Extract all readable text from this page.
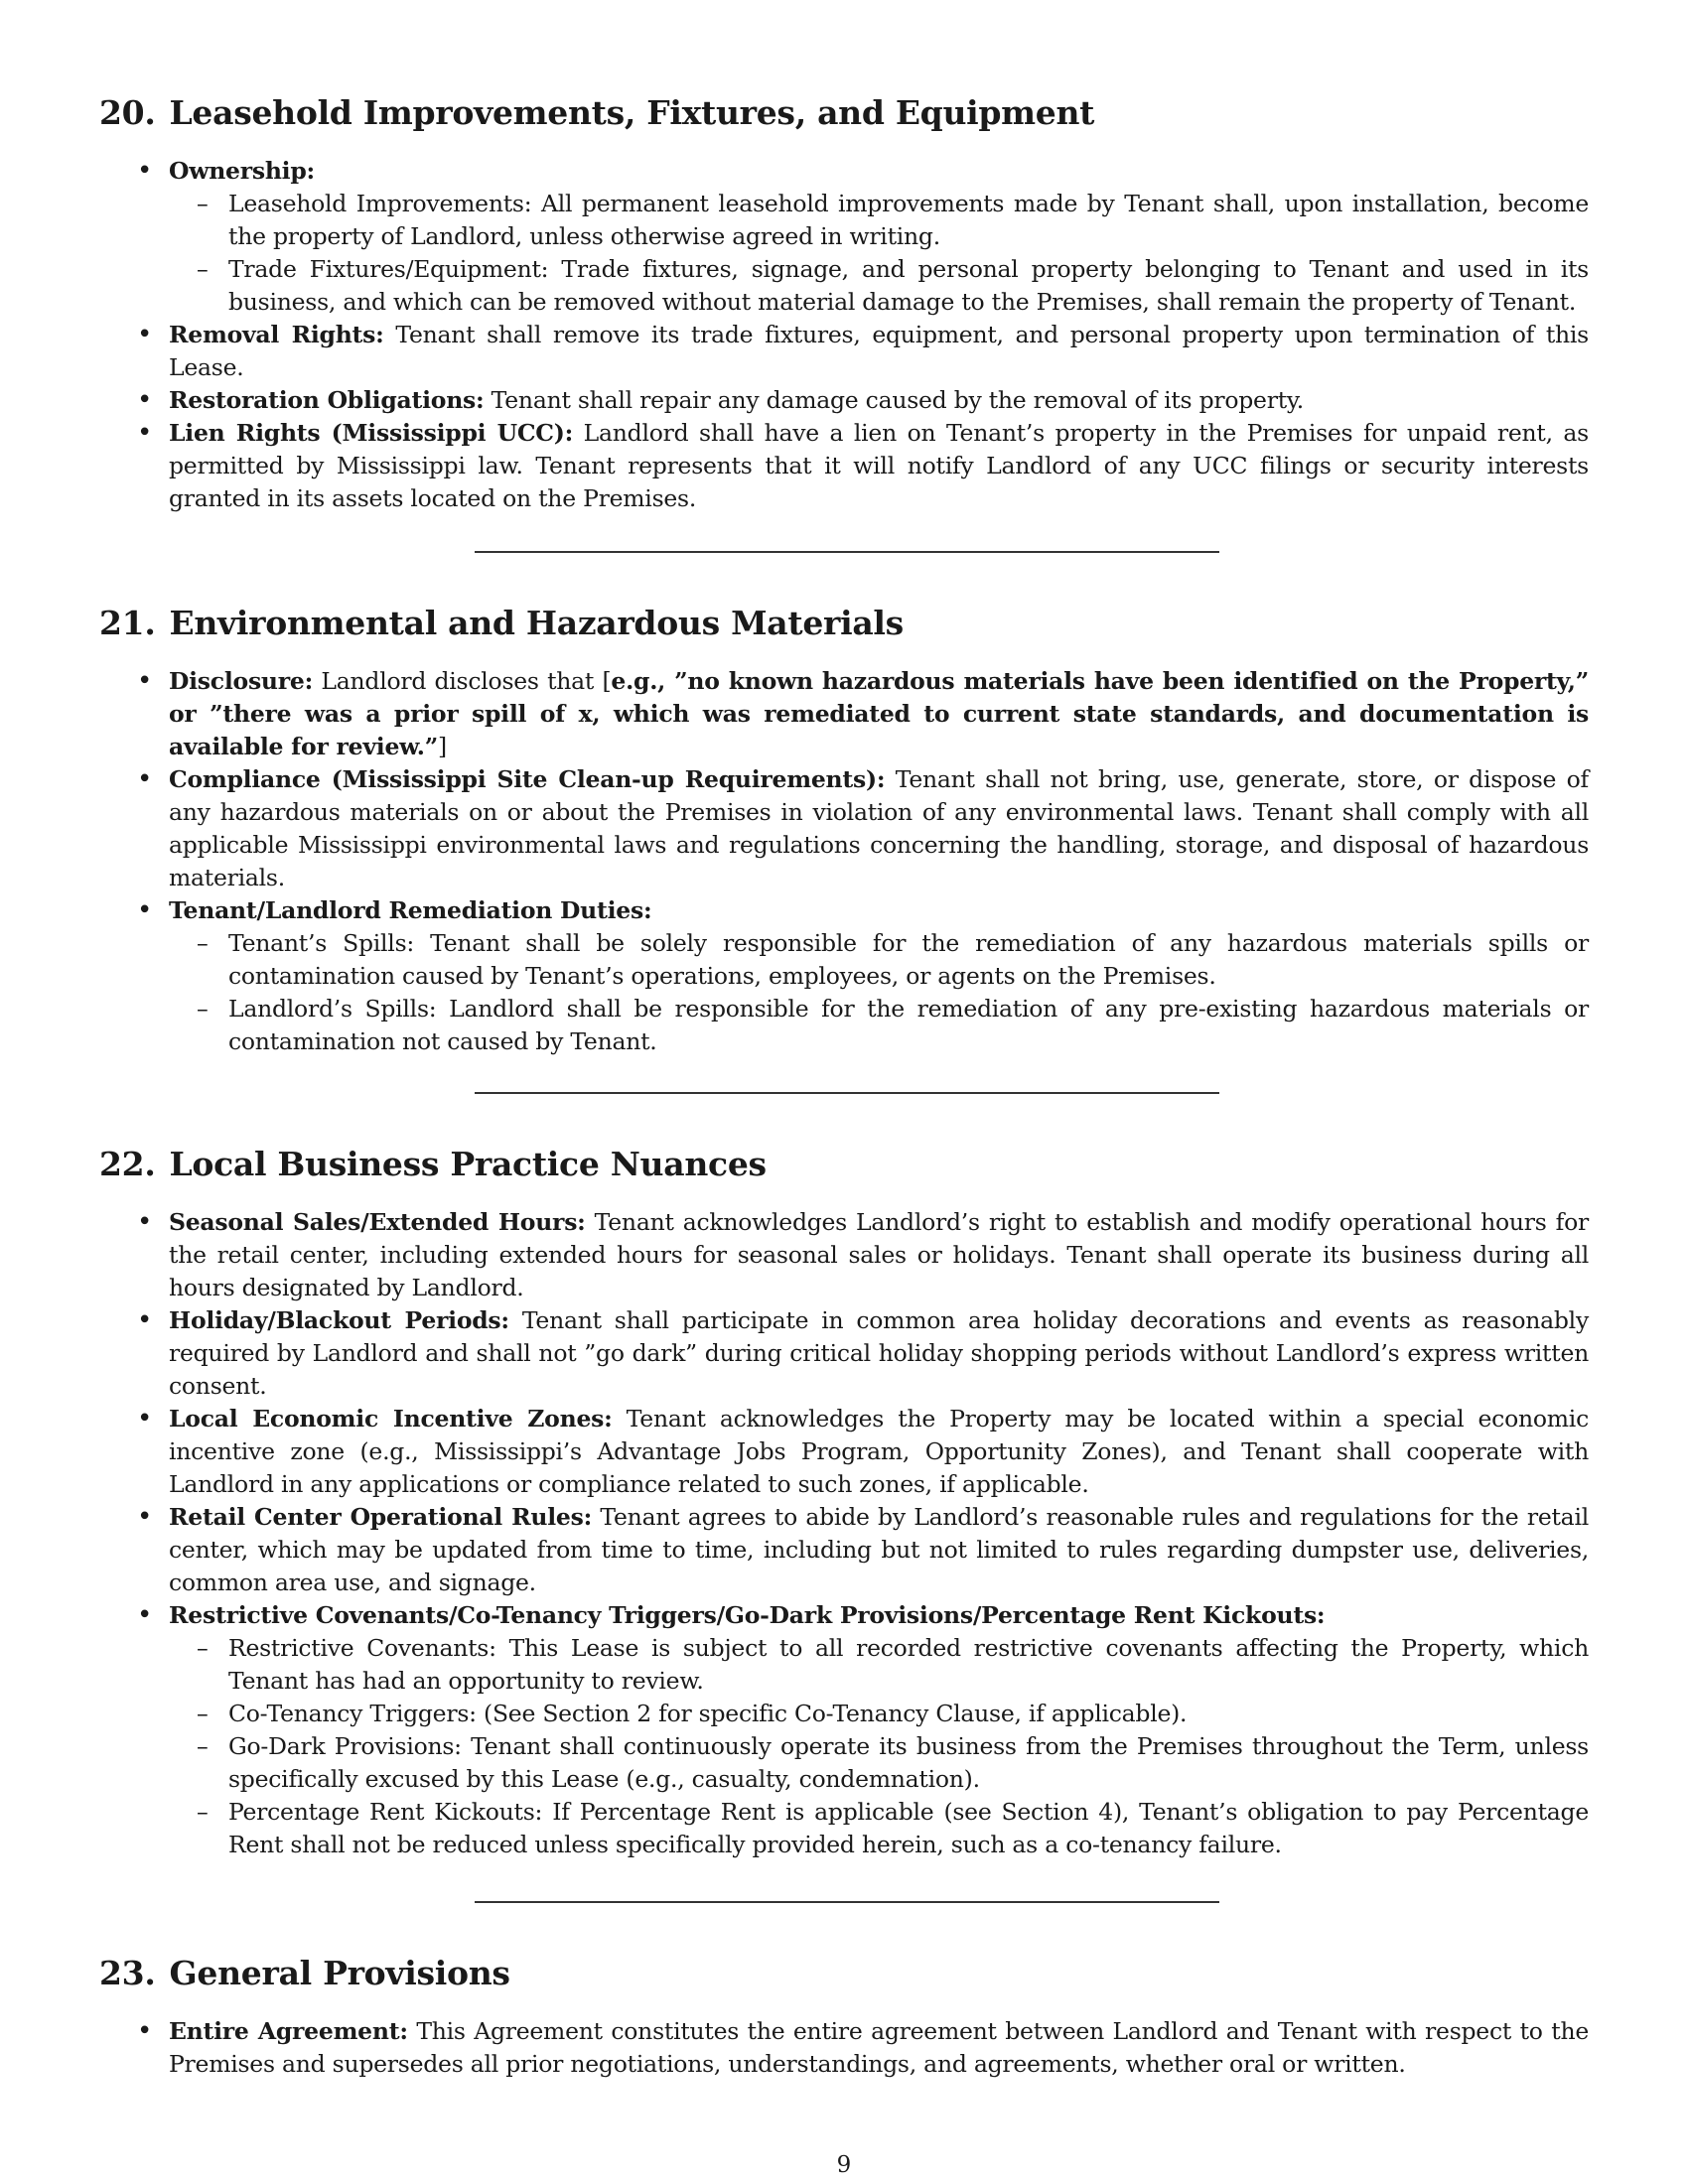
20. Leasehold Improvements, Fixtures, and Equipment
• Ownership:
– Leasehold Improvements: All permanent leasehold improvements made by Tenant shall, upon installation, become the property of Landlord, unless otherwise agreed in writing.
– Trade Fixtures/Equipment: Trade fixtures, signage, and personal property belonging to Tenant and used in its business, and which can be removed without material damage to the Premises, shall remain the property of Tenant.
• Removal Rights: Tenant shall remove its trade fixtures, equipment, and personal property upon termination of this Lease.
• Restoration Obligations: Tenant shall repair any damage caused by the removal of its property.
• Lien Rights (Mississippi UCC): Landlord shall have a lien on Tenant’s property in the Premises for unpaid rent, as permitted by Mississippi law. Tenant represents that it will notify Landlord of any UCC filings or security interests granted in its assets located on the Premises.
21. Environmental and Hazardous Materials
• Disclosure: Landlord discloses that [e.g., ”no known hazardous materials have been identified on the Property,” or ”there was a prior spill of x, which was remediated to current state standards, and documentation is available for review.”]
• Compliance (Mississippi Site Clean-up Requirements): Tenant shall not bring, use, generate, store, or dispose of any hazardous materials on or about the Premises in violation of any environmental laws. Tenant shall comply with all applicable Mississippi environmental laws and regulations concerning the handling, storage, and disposal of hazardous materials.
• Tenant/Landlord Remediation Duties:
– Tenant’s Spills: Tenant shall be solely responsible for the remediation of any hazardous materials spills or contamination caused by Tenant’s operations, employees, or agents on the Premises.
– Landlord’s Spills: Landlord shall be responsible for the remediation of any pre-existing hazardous materials or contamination not caused by Tenant.
22. Local Business Practice Nuances
• Seasonal Sales/Extended Hours: Tenant acknowledges Landlord’s right to establish and modify operational hours for the retail center, including extended hours for seasonal sales or holidays. Tenant shall operate its business during all hours designated by Landlord.
• Holiday/Blackout Periods: Tenant shall participate in common area holiday decorations and events as reasonably required by Landlord and shall not ”go dark” during critical holiday shopping periods without Landlord’s express written consent.
• Local Economic Incentive Zones: Tenant acknowledges the Property may be located within a special economic incentive zone (e.g., Mississippi’s Advantage Jobs Program, Opportunity Zones), and Tenant shall cooperate with Landlord in any applications or compliance related to such zones, if applicable.
• Retail Center Operational Rules: Tenant agrees to abide by Landlord’s reasonable rules and regulations for the retail center, which may be updated from time to time, including but not limited to rules regarding dumpster use, deliveries, common area use, and signage.
• Restrictive Covenants/Co-Tenancy Triggers/Go-Dark Provisions/Percentage Rent Kickouts:
– Restrictive Covenants: This Lease is subject to all recorded restrictive covenants affecting the Property, which Tenant has had an opportunity to review.
– Co-Tenancy Triggers: (See Section 2 for specific Co-Tenancy Clause, if applicable).
– Go-Dark Provisions: Tenant shall continuously operate its business from the Premises throughout the Term, unless specifically excused by this Lease (e.g., casualty, condemnation).
– Percentage Rent Kickouts: If Percentage Rent is applicable (see Section 4), Tenant’s obligation to pay Percentage Rent shall not be reduced unless specifically provided herein, such as a co-tenancy failure.
23. General Provisions
• Entire Agreement: This Agreement constitutes the entire agreement between Landlord and Tenant with respect to the Premises and supersedes all prior negotiations, understandings, and agreements, whether oral or written.
9
